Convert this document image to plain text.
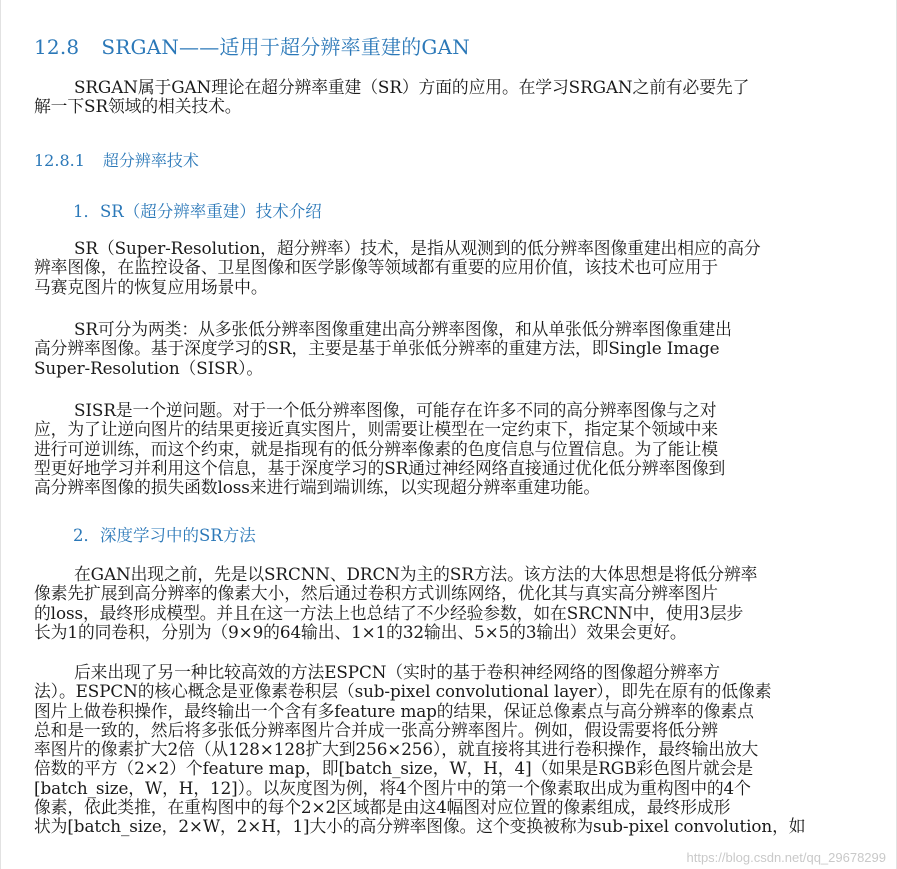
12.8 SRGAN——适用于超分辨率重建的GAN
SRGAN属于GAN理论在超分辨率重建（SR）方面的应用。在学习SRGAN之前有必要先了
解一下SR领域的相关技术。
12.8.1 超分辨率技术
1．SR（超分辨率重建）技术介绍
SR（Super-Resolution，超分辨率）技术，是指从观测到的低分辨率图像重建出相应的高分
辨率图像，在监控设备、卫星图像和医学影像等领域都有重要的应用价值，该技术也可应用于
马赛克图片的恢复应用场景中。
SR可分为两类：从多张低分辨率图像重建出高分辨率图像，和从单张低分辨率图像重建出
高分辨率图像。基于深度学习的SR，主要是基于单张低分辨率的重建方法，即Single Image
Super-Resolution（SISR）。
SISR是一个逆问题。对于一个低分辨率图像，可能存在许多不同的高分辨率图像与之对
应，为了让逆向图片的结果更接近真实图片，则需要让模型在一定约束下，指定某个领域中来
进行可逆训练，而这个约束，就是指现有的低分辨率像素的色度信息与位置信息。为了能让模
型更好地学习并利用这个信息，基于深度学习的SR通过神经网络直接通过优化低分辨率图像到
高分辨率图像的损失函数loss来进行端到端训练，以实现超分辨率重建功能。
2．深度学习中的SR方法
在GAN出现之前，先是以SRCNN、DRCN为主的SR方法。该方法的大体思想是将低分辨率
像素先扩展到高分辨率的像素大小，然后通过卷积方式训练网络，优化其与真实高分辨率图片
的loss，最终形成模型。并且在这一方法上也总结了不少经验参数，如在SRCNN中，使用3层步
长为1的同卷积，分别为（9×9的64输出、1×1的32输出、5×5的3输出）效果会更好。
后来出现了另一种比较高效的方法ESPCN（实时的基于卷积神经网络的图像超分辨率方
法）。ESPCN的核心概念是亚像素卷积层（sub-pixel convolutional layer），即先在原有的低像素
图片上做卷积操作，最终输出一个含有多feature map的结果，保证总像素点与高分辨率的像素点
总和是一致的，然后将多张低分辨率图片合并成一张高分辨率图片。例如，假设需要将低分辨
率图片的像素扩大2倍（从128×128扩大到256×256），就直接将其进行卷积操作，最终输出放大
倍数的平方（2×2）个feature map，即[batch_size，W，H，4]（如果是RGB彩色图片就会是
[batch_size，W，H，12]）。以灰度图为例，将4个图片中的第一个像素取出成为重构图中的4个
像素，依此类推，在重构图中的每个2×2区域都是由这4幅图对应位置的像素组成，最终形成形
状为[batch_size，2×W，2×H，1]大小的高分辨率图像。这个变换被称为sub-pixel convolution，如
https://blog.csdn.net/qq_29678299
